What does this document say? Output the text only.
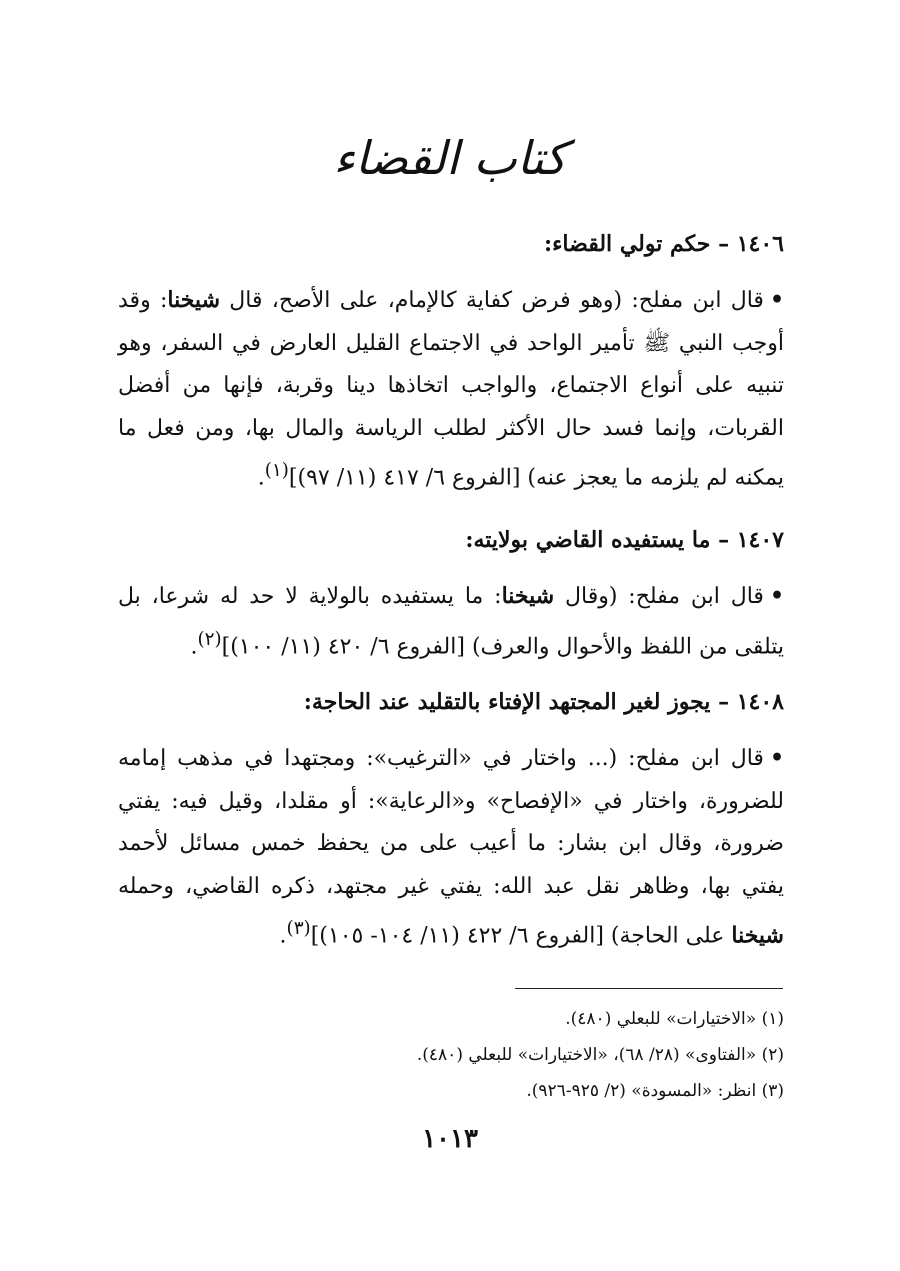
كتاب القضاء
١٤٠٦ – حكم تولي القضاء:
•قال ابن مفلح: (وهو فرض كفاية كالإمام، على الأصح، قال شيخنا: وقد أوجب النبي ﷺ تأمير الواحد في الاجتماع القليل العارض في السفر، وهو تنبيه على أنواع الاجتماع، والواجب اتخاذها دينا وقربة، فإنها من أفضل القربات، وإنما فسد حال الأكثر لطلب الرياسة والمال بها، ومن فعل ما يمكنه لم يلزمه ما يعجز عنه) [الفروع ٦/ ٤١٧ (١١/ ٩٧)]$^{(١)}$.
١٤٠٧ – ما يستفيده القاضي بولايته:
•قال ابن مفلح: (وقال شيخنا: ما يستفيده بالولاية لا حد له شرعا، بل يتلقى من اللفظ والأحوال والعرف) [الفروع ٦/ ٤٢٠ (١١/ ١٠٠)]$^{(٢)}$.
١٤٠٨ – يجوز لغير المجتهد الإفتاء بالتقليد عند الحاجة:
•قال ابن مفلح: (... واختار في «الترغيب»: ومجتهدا في مذهب إمامه للضرورة، واختار في «الإفصاح» و«الرعاية»: أو مقلدا، وقيل فيه: يفتي ضرورة، وقال ابن بشار: ما أعيب على من يحفظ خمس مسائل لأحمد يفتي بها، وظاهر نقل عبد الله: يفتي غير مجتهد، ذكره القاضي، وحمله شيخنا على الحاجة) [الفروع ٦/ ٤٢٢ (١١/ ١٠٤- ١٠٥)]$^{(٣)}$.
(١) «الاختيارات» للبعلي (٤٨٠).
(٢) «الفتاوى» (٢٨/ ٦٨)، «الاختيارات» للبعلي (٤٨٠).
(٣) انظر: «المسودة» (٢/ ٩٢٥-٩٢٦).
١٠١٣
